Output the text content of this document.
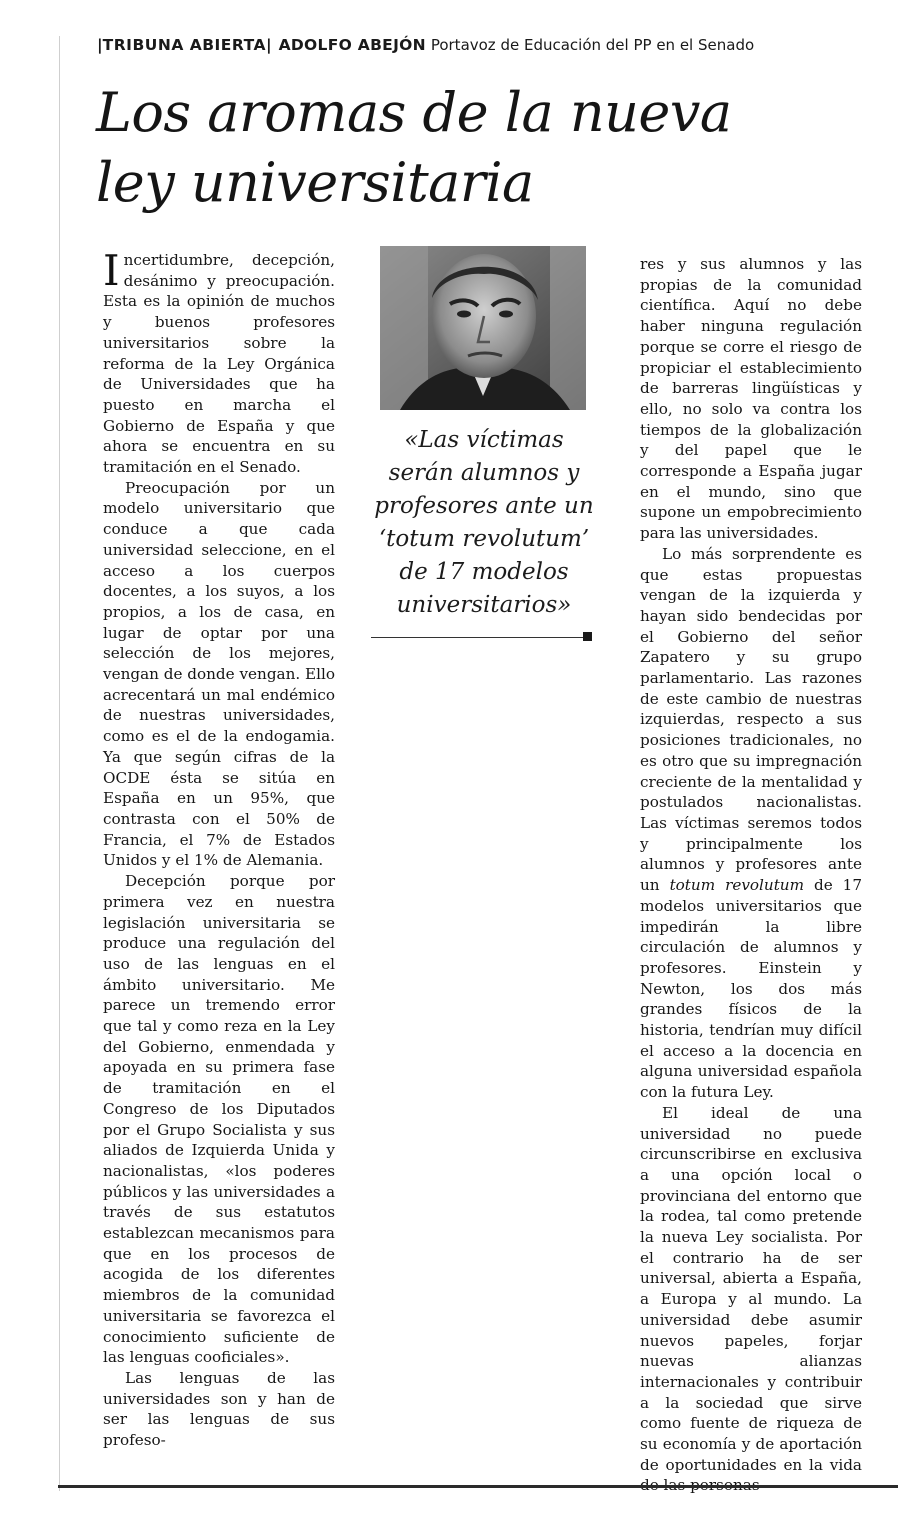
|TRIBUNA ABIERTA| ADOLFO ABEJÓN Portavoz de Educación del PP en el Senado
Los aromas de la nueva
ley universitaria

Incertidumbre, decepción, desánimo y preocupación. Esta es la opinión de muchos y buenos profesores universitarios sobre la reforma de la Ley Orgánica de Universidades que ha puesto en marcha el Gobierno de España y que ahora se encuentra en su tramitación en el Senado.

Preocupación por un modelo universitario que conduce a que cada universidad seleccione, en el acceso a los cuerpos docentes, a los suyos, a los propios, a los de casa, en lugar de optar por una selección de los mejores, vengan de donde vengan. Ello acrecentará un mal endémico de nuestras universidades, como es el de la endogamia. Ya que según cifras de la OCDE ésta se sitúa en España en un 95%, que contrasta con el 50% de Francia, el 7% de Estados Unidos y el 1% de Alemania.

Decepción porque por primera vez en nuestra legislación universitaria se produce una regulación del uso de las lenguas en el ámbito universitario. Me parece un tremendo error que tal y como reza en la Ley del Gobierno, enmendada y apoyada en su primera fase de tramitación en el Congreso de los Diputados por el Grupo Socialista y sus aliados de Izquierda Unida y nacionalistas, «los poderes públicos y las universidades a través de sus estatutos establezcan mecanismos para que en los procesos de acogida de los diferentes miembros de la comunidad universitaria se favorezca el conocimiento suficiente de las lenguas cooficiales».

Las lenguas de las universidades son y han de ser las lenguas de sus profeso-

«Las víctimas serán alumnos y profesores ante un ‘totum revolutum’ de 17 modelos universitarios»

res y sus alumnos y las propias de la comunidad científica. Aquí no debe haber ninguna regulación porque se corre el riesgo de propiciar el establecimiento de barreras lingüísticas y ello, no solo va contra los tiempos de la globalización y del papel que le corresponde a España jugar en el mundo, sino que supone un empobrecimiento para las universidades.

Lo más sorprendente es que estas propuestas vengan de la izquierda y hayan sido bendecidas por el Gobierno del señor Zapatero y su grupo parlamentario. Las razones de este cambio de nuestras izquierdas, respecto a sus posiciones tradicionales, no es otro que su impregnación creciente de la mentalidad y postulados nacionalistas. Las víctimas seremos todos y principalmente los alumnos y profesores ante un totum revolutum de 17 modelos universitarios que impedirán la libre circulación de alumnos y profesores. Einstein y Newton, los dos más grandes físicos de la historia, tendrían muy difícil el acceso a la docencia en alguna universidad española con la futura Ley.

El ideal de una universidad no puede circunscribirse en exclusiva a una opción local o provinciana del entorno que la rodea, tal como pretende la nueva Ley socialista. Por el contrario ha de ser universal, abierta a España, a Europa y al mundo. La universidad debe asumir nuevos papeles, forjar nuevas alianzas internacionales y contribuir a la sociedad que sirve como fuente de riqueza de su economía y de aportación de oportunidades en la vida
